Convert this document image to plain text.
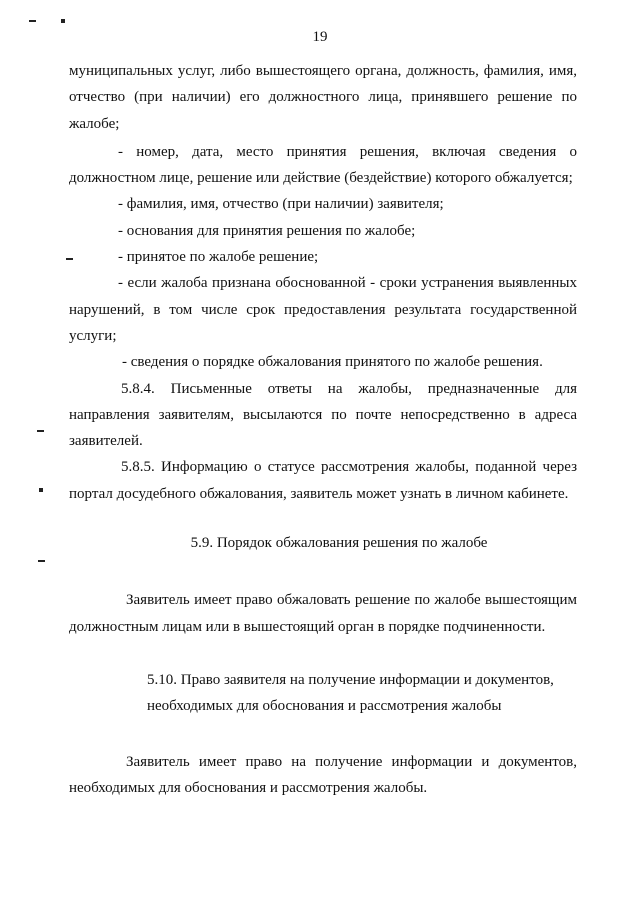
19

муниципальных услуг, либо вышестоящего органа, должность, фамилия, имя, отчество (при наличии) его должностного лица, принявшего решение по жалобе;

- номер, дата, место принятия решения, включая сведения о должностном лице, решение или действие (бездействие) которого обжалуется;

- фамилия, имя, отчество (при наличии) заявителя;

- основания для принятия решения по жалобе;

- принятое по жалобе решение;

- если жалоба признана обоснованной - сроки устранения выявленных нарушений, в том числе срок предоставления результата государственной услуги;

- сведения о порядке обжалования принятого по жалобе решения.

5.8.4. Письменные ответы на жалобы, предназначенные для направления заявителям, высылаются по почте непосредственно в адреса заявителей.

5.8.5. Информацию о статусе рассмотрения жалобы, поданной через портал досудебного обжалования, заявитель может узнать в личном кабинете.

5.9. Порядок обжалования решения по жалобе

Заявитель имеет право обжаловать решение по жалобе вышестоящим должностным лицам или в вышестоящий орган в порядке подчиненности.

5.10. Право заявителя на получение информации и документов,

необходимых для обоснования и рассмотрения жалобы

Заявитель имеет право на получение информации и документов, необходимых для обоснования и рассмотрения жалобы.
